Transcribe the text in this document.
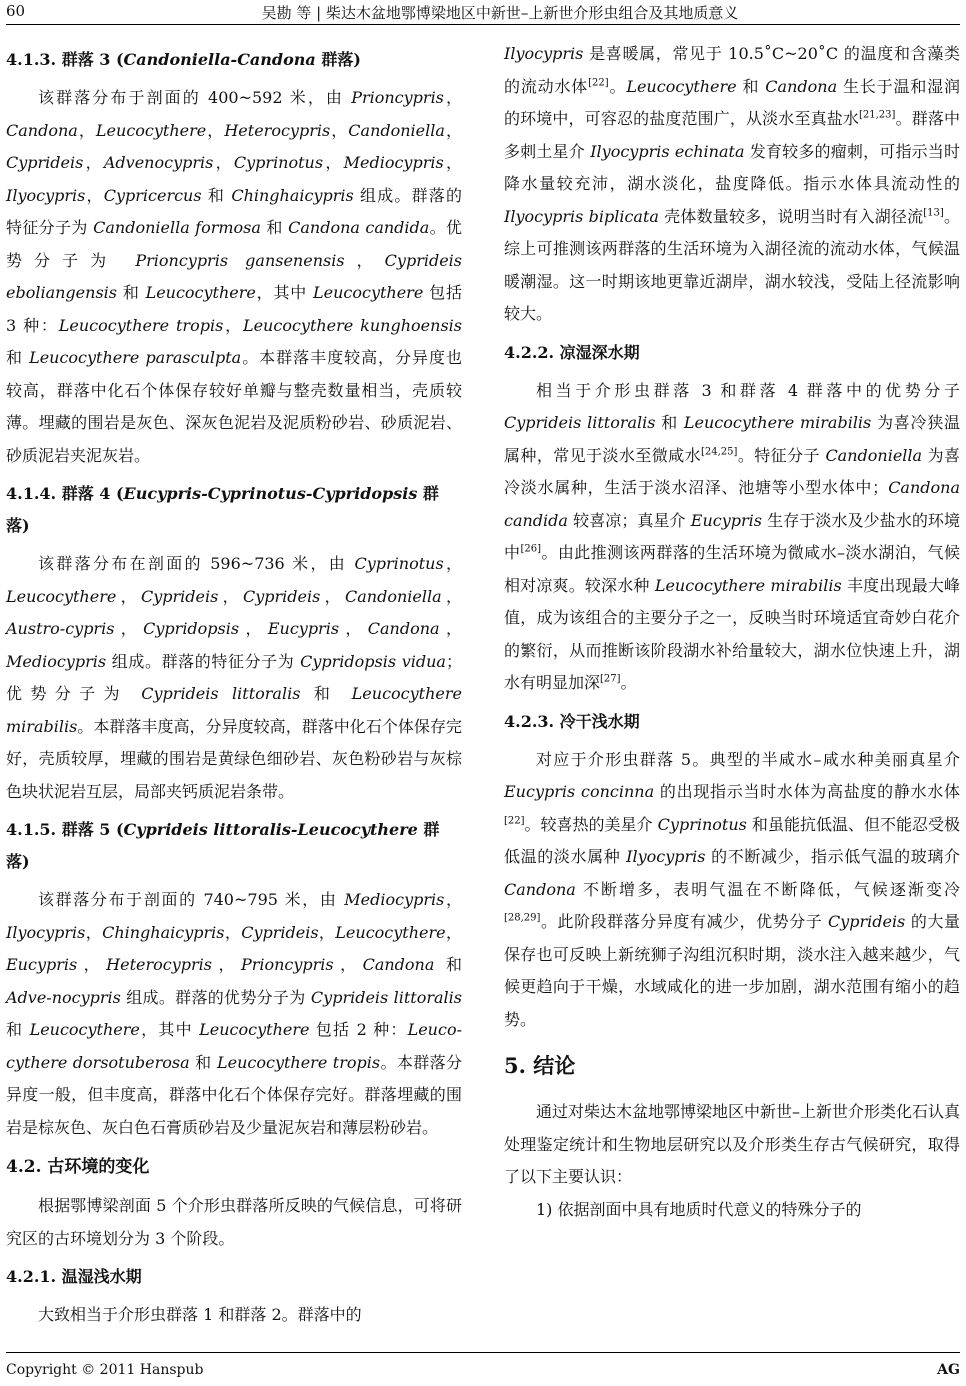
60	吴勘 等 | 柴达木盆地鄂博梁地区中新世–上新世介形虫组合及其地质意义
4.1.3. 群落 3 (Candoniella-Candona 群落)

该群落分布于剖面的 400~592 米，由 Prioncypris，Candona，Leucocythere，Heterocypris，Candoniella，Cyprideis，Advenocypris，Cyprinotus，Mediocypris，Ilyocypris，Cypricercus 和 Chinghaicypris 组成。群落的特征分子为 Candoniella formosa 和 Candona candida。优势分子为 Prioncypris gansenensis，Cyprideis eboliangensis 和 Leucocythere，其中 Leucocythere 包括 3 种：Leucocythere tropis，Leucocythere kunghoensis 和 Leucocythere parasculpta。本群落丰度较高，分异度也较高，群落中化石个体保存较好单瓣与整壳数量相当，壳质较薄。埋藏的围岩是灰色、深灰色泥岩及泥质粉砂岩、砂质泥岩、砂质泥岩夹泥灰岩。

4.1.4. 群落 4 (Eucypris-Cyprinotus-Cypridopsis 群落)

该群落分布在剖面的 596~736 米，由 Cyprinotus，Leucocythere，Cyprideis，Cyprideis，Candoniella，Austro-cypris，Cypridopsis，Eucypris，Candona，Mediocypris 组成。群落的特征分子为 Cypridopsis vidua；优势分子为 Cyprideis littoralis 和 Leucocythere mirabilis。本群落丰度高，分异度较高，群落中化石个体保存完好，壳质较厚，埋藏的围岩是黄绿色细砂岩、灰色粉砂岩与灰棕色块状泥岩互层，局部夹钙质泥岩条带。

4.1.5. 群落 5 (Cyprideis littoralis-Leucocythere 群落)

该群落分布于剖面的 740~795 米，由 Mediocypris，Ilyocypris，Chinghaicypris，Cyprideis，Leucocythere，Eucypris，Heterocypris，Prioncypris，Candona 和 Adve-nocypris 组成。群落的优势分子为 Cyprideis littoralis 和 Leucocythere，其中 Leucocythere 包括 2 种：Leuco-cythere dorsotuberosa 和 Leucocythere tropis。本群落分异度一般，但丰度高，群落中化石个体保存完好。群落埋藏的围岩是棕灰色、灰白色石膏质砂岩及少量泥灰岩和薄层粉砂岩。

4.2. 古环境的变化

根据鄂博梁剖面 5 个介形虫群落所反映的气候信息，可将研究区的古环境划分为 3 个阶段。

4.2.1. 温湿浅水期

大致相当于介形虫群落 1 和群落 2。群落中的

Ilyocypris 是喜暖属，常见于 10.5˚C~20˚C 的温度和含藻类的流动水体[22]。Leucocythere 和 Candona 生长于温和湿润的环境中，可容忍的盐度范围广，从淡水至真盐水[21,23]。群落中多刺土星介 Ilyocypris echinata 发育较多的瘤刺，可指示当时降水量较充沛，湖水淡化，盐度降低。指示水体具流动性的 Ilyocypris biplicata 壳体数量较多，说明当时有入湖径流[13]。综上可推测该两群落的生活环境为入湖径流的流动水体，气候温暖潮湿。这一时期该地更靠近湖岸，湖水较浅，受陆上径流影响较大。

4.2.2. 凉湿深水期

相当于介形虫群落 3 和群落 4 群落中的优势分子 Cyprideis littoralis 和 Leucocythere mirabilis 为喜冷狭温属种，常见于淡水至微咸水[24,25]。特征分子 Candoniella 为喜冷淡水属种，生活于淡水沼泽、池塘等小型水体中；Candona candida 较喜凉；真星介 Eucypris 生存于淡水及少盐水的环境中[26]。由此推测该两群落的生活环境为微咸水–淡水湖泊，气候相对凉爽。较深水种 Leucocythere mirabilis 丰度出现最大峰值，成为该组合的主要分子之一，反映当时环境适宜奇妙白花介的繁衍，从而推断该阶段湖水补给量较大，湖水位快速上升，湖水有明显加深[27]。

4.2.3. 冷干浅水期

对应于介形虫群落 5。典型的半咸水–咸水种美丽真星介 Eucypris concinna 的出现指示当时水体为高盐度的静水水体[22]。较喜热的美星介 Cyprinotus 和虽能抗低温、但不能忍受极低温的淡水属种 Ilyocypris 的不断减少，指示低气温的玻璃介 Candona 不断增多，表明气温在不断降低，气候逐渐变冷[28,29]。此阶段群落分异度有减少，优势分子 Cyprideis 的大量保存也可反映上新统狮子沟组沉积时期，淡水注入越来越少，气候更趋向于干燥，水域咸化的进一步加剧，湖水范围有缩小的趋势。

5. 结论

通过对柴达木盆地鄂博梁地区中新世–上新世介形类化石认真处理鉴定统计和生物地层研究以及介形类生存古气候研究，取得了以下主要认识：

1) 依据剖面中具有地质时代意义的特殊分子的

Copyright © 2011 Hanspub	AG
